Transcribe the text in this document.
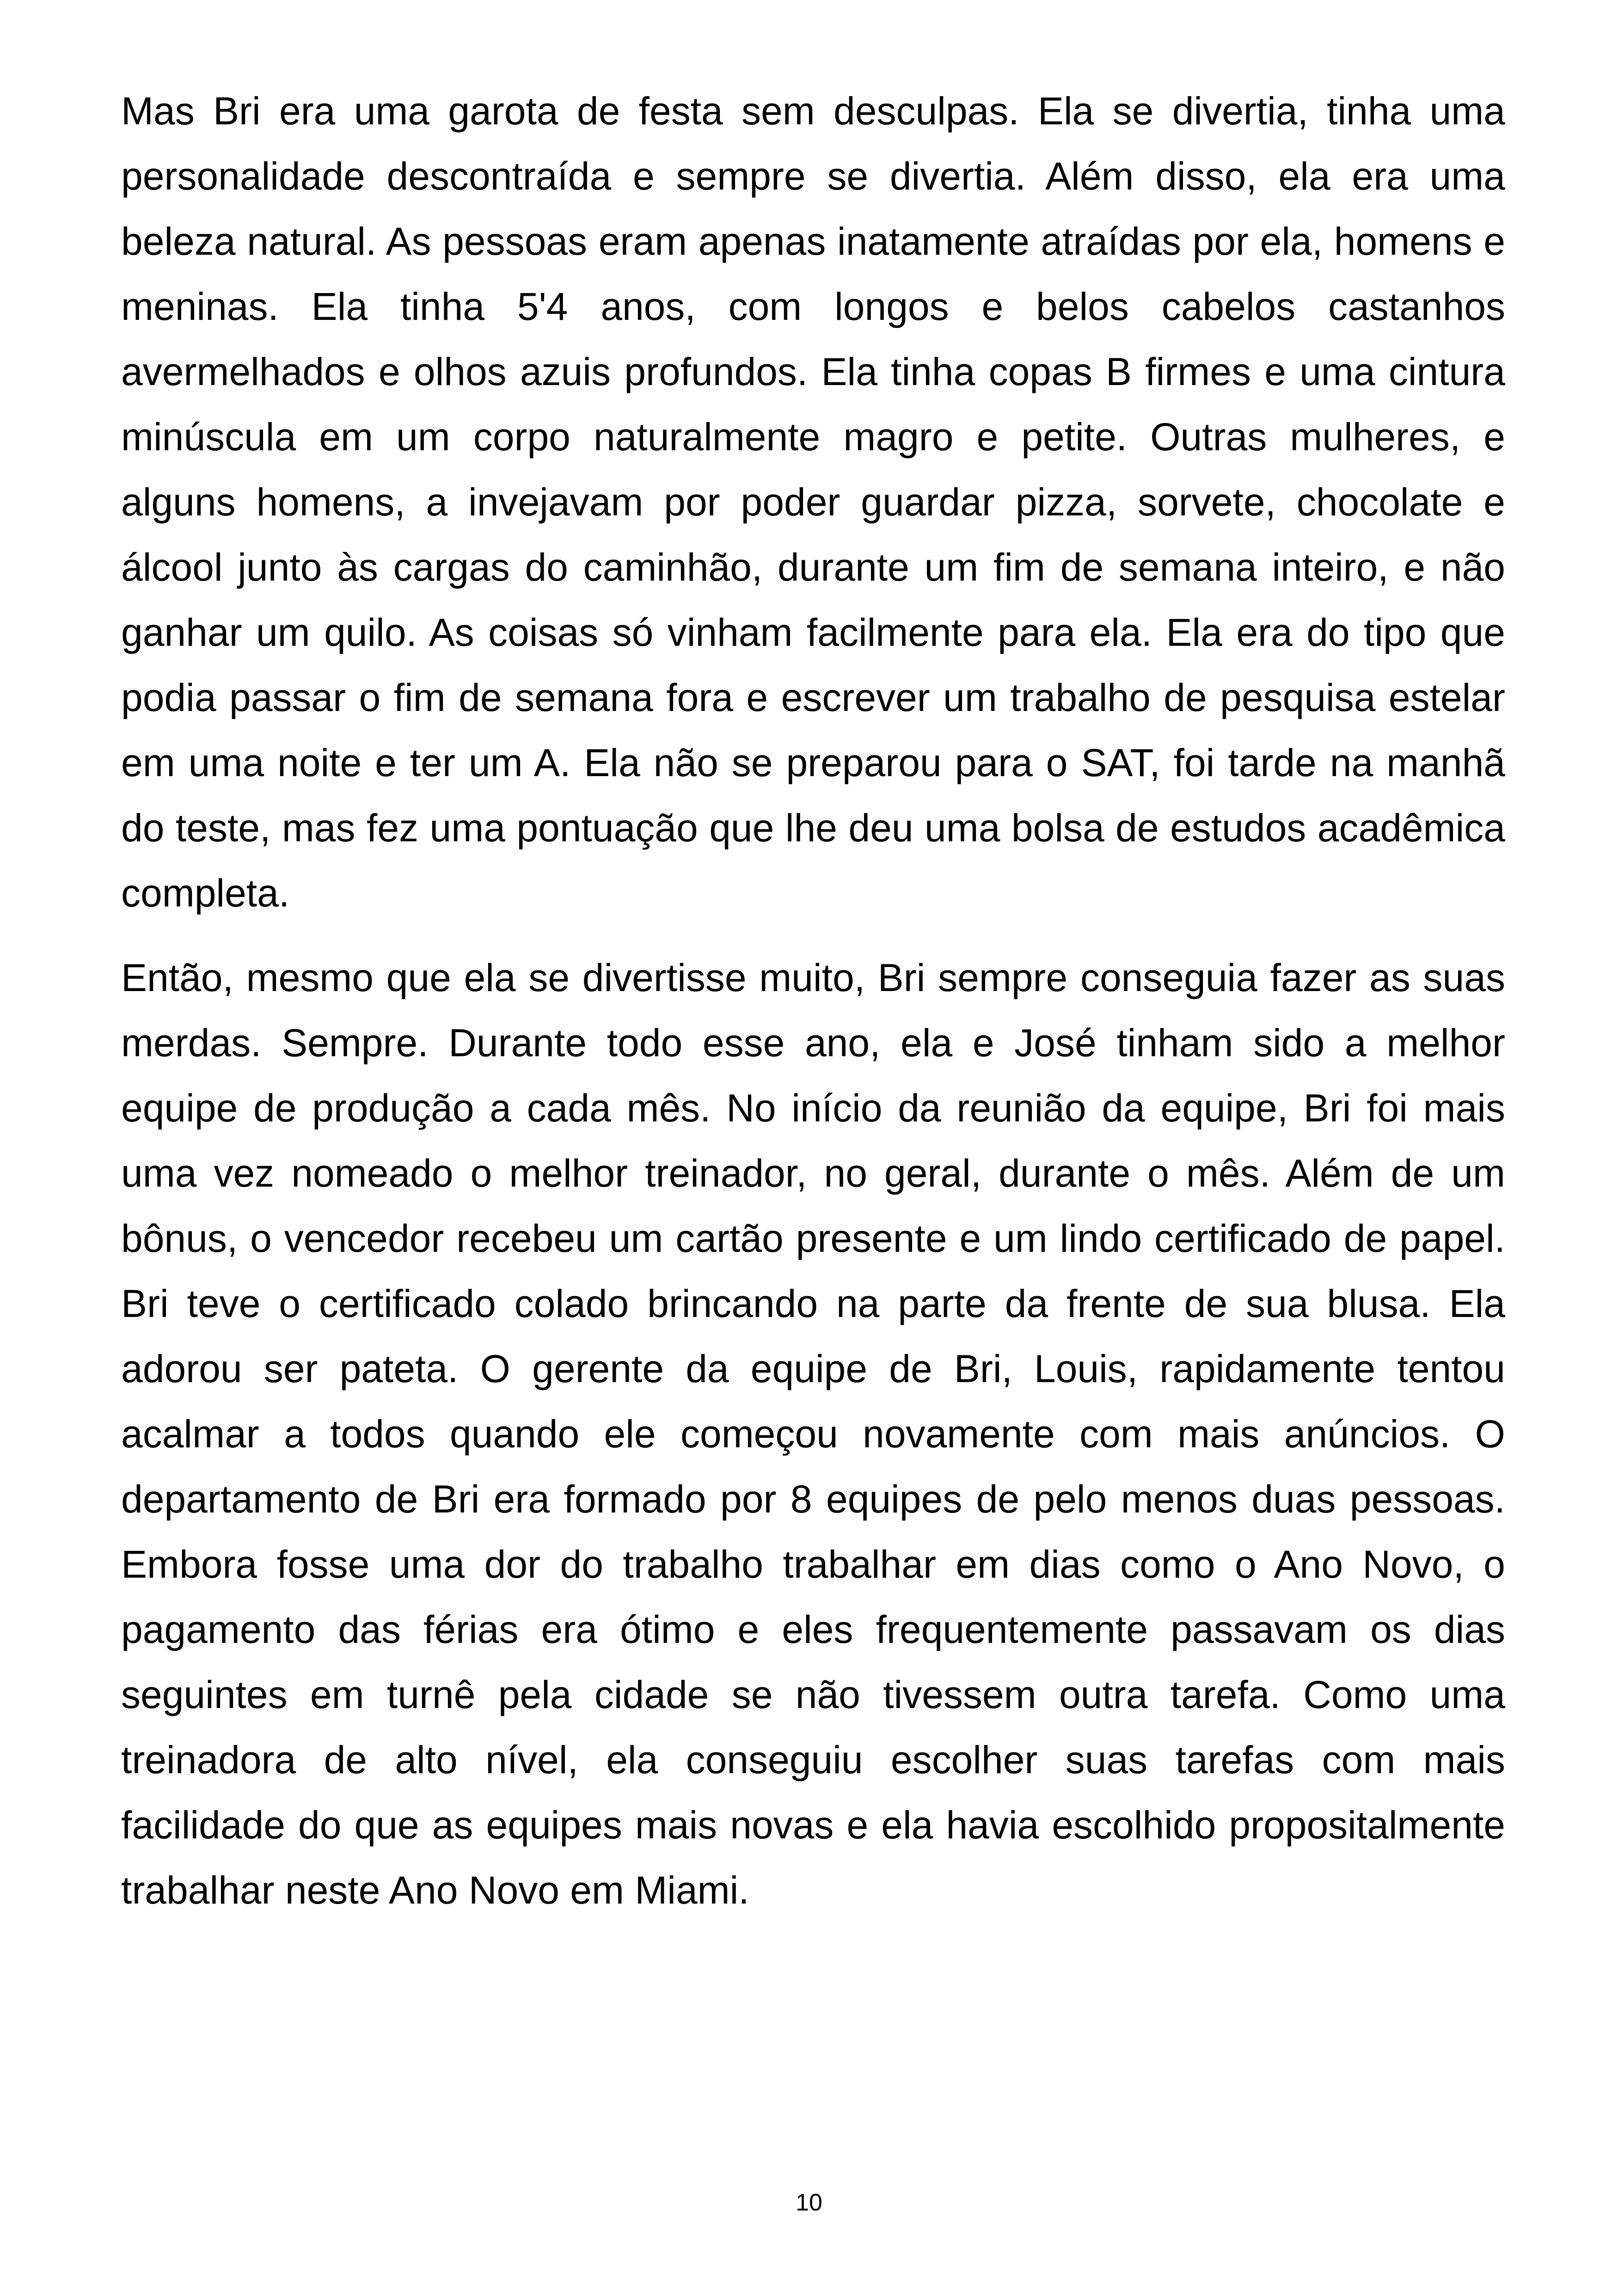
Mas Bri era uma garota de festa sem desculpas. Ela se divertia, tinha uma personalidade descontraída e sempre se divertia. Além disso, ela era uma beleza natural. As pessoas eram apenas inatamente atraídas por ela, homens e meninas. Ela tinha 5'4 anos, com longos e belos cabelos castanhos avermelhados e olhos azuis profundos. Ela tinha copas B firmes e uma cintura minúscula em um corpo naturalmente magro e petite. Outras mulheres, e alguns homens, a invejavam por poder guardar pizza, sorvete, chocolate e álcool junto às cargas do caminhão, durante um fim de semana inteiro, e não ganhar um quilo. As coisas só vinham facilmente para ela. Ela era do tipo que podia passar o fim de semana fora e escrever um trabalho de pesquisa estelar em uma noite e ter um A. Ela não se preparou para o SAT, foi tarde na manhã do teste, mas fez uma pontuação que lhe deu uma bolsa de estudos acadêmica completa.

Então, mesmo que ela se divertisse muito, Bri sempre conseguia fazer as suas merdas. Sempre. Durante todo esse ano, ela e José tinham sido a melhor equipe de produção a cada mês. No início da reunião da equipe, Bri foi mais uma vez nomeado o melhor treinador, no geral, durante o mês. Além de um bônus, o vencedor recebeu um cartão presente e um lindo certificado de papel. Bri teve o certificado colado brincando na parte da frente de sua blusa. Ela adorou ser pateta. O gerente da equipe de Bri, Louis, rapidamente tentou acalmar a todos quando ele começou novamente com mais anúncios. O departamento de Bri era formado por 8 equipes de pelo menos duas pessoas. Embora fosse uma dor do trabalho trabalhar em dias como o Ano Novo, o pagamento das férias era ótimo e eles frequentemente passavam os dias seguintes em turnê pela cidade se não tivessem outra tarefa. Como uma treinadora de alto nível, ela conseguiu escolher suas tarefas com mais facilidade do que as equipes mais novas e ela havia escolhido propositalmente trabalhar neste Ano Novo em Miami.

10
